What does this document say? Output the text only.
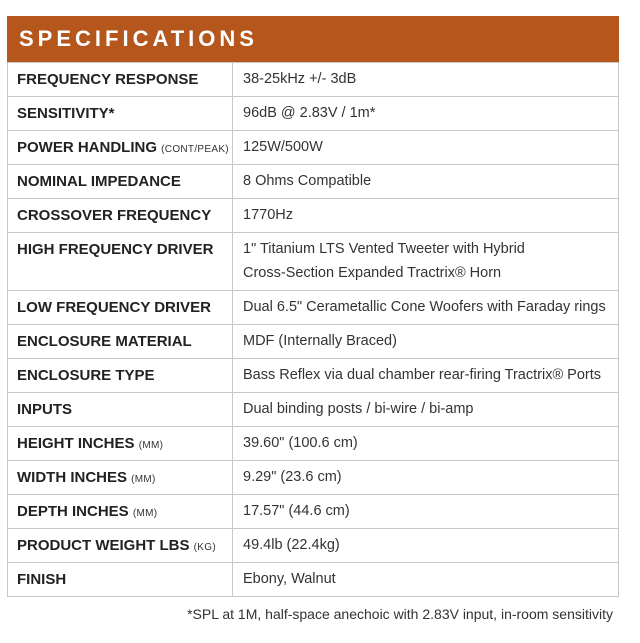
SPECIFICATIONS
FREQUENCY RESPONSE	38-25kHz +/- 3dB
SENSITIVITY*	96dB @ 2.83V / 1m*
POWER HANDLING (CONT/PEAK) 125W/500W
NOMINAL IMPEDANCE	8 Ohms Compatible
CROSSOVER FREQUENCY	1770Hz
HIGH FREQUENCY DRIVER	1" Titanium LTS Vented Tweeter with Hybrid Cross-Section Expanded Tractrix® Horn
LOW FREQUENCY DRIVER	Dual 6.5" Cerametallic Cone Woofers with Faraday rings
ENCLOSURE MATERIAL	MDF (Internally Braced)
ENCLOSURE TYPE	Bass Reflex via dual chamber rear-firing Tractrix® Ports
INPUTS	Dual binding posts / bi-wire / bi-amp
HEIGHT INCHES (MM)	39.60" (100.6 cm)
WIDTH INCHES (MM)	9.29" (23.6 cm)
DEPTH INCHES (MM)	17.57" (44.6 cm)
PRODUCT WEIGHT LBS (KG)	49.4lb (22.4kg)
FINISH	Ebony, Walnut
*SPL at 1M, half-space anechoic with 2.83V input, in-room sensitivity
